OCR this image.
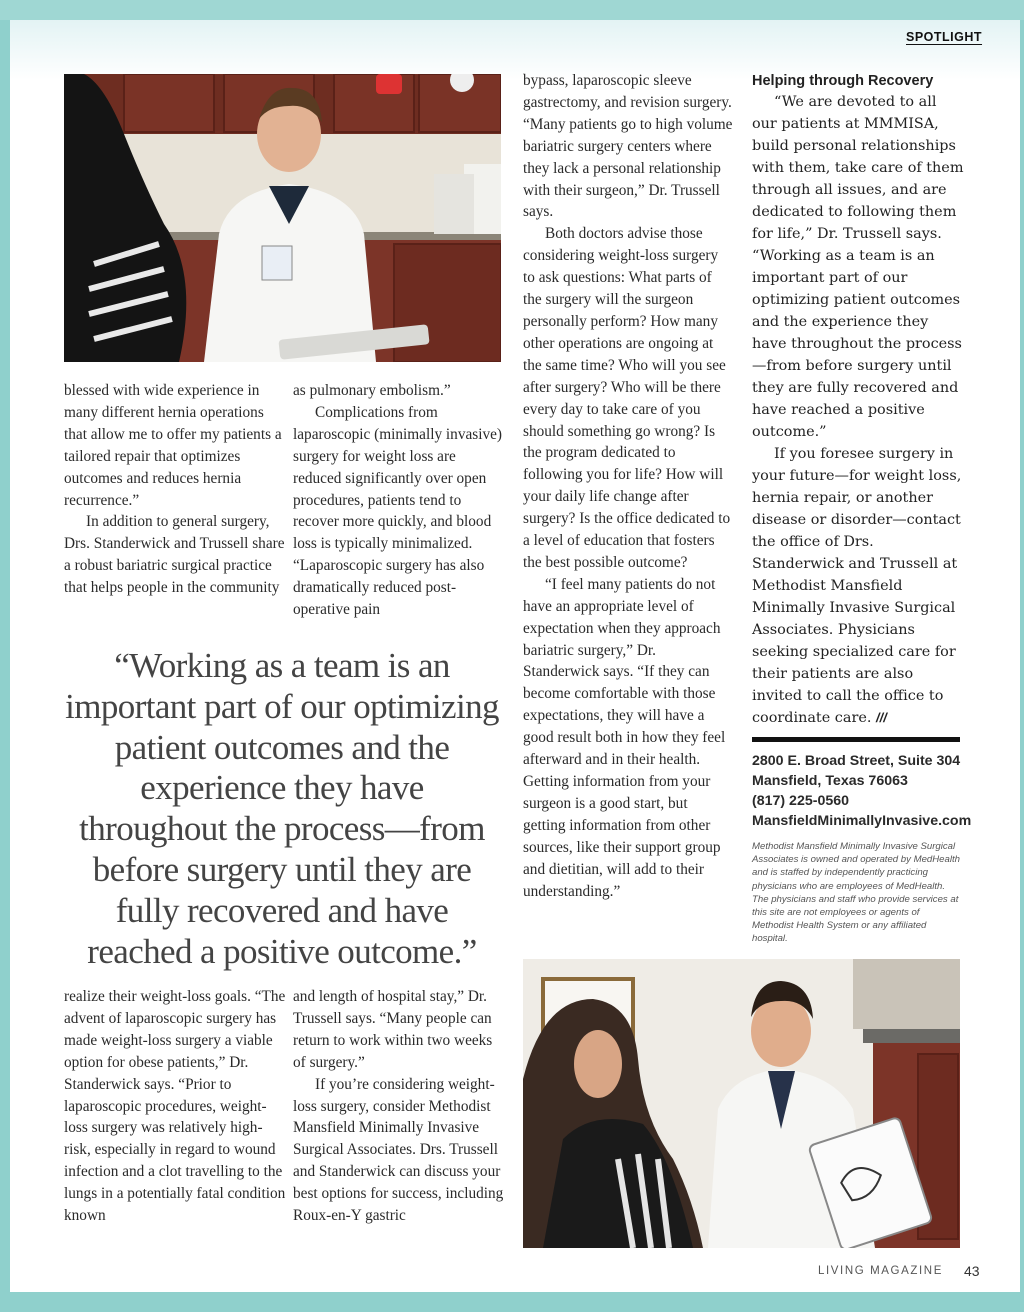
SPOTLIGHT

blessed with wide experience in many different hernia operations that allow me to offer my patients a tailored repair that optimizes outcomes and reduces hernia recurrence.”

In addition to general surgery, Drs. Standerwick and Trussell share a robust bariatric surgical practice that helps people in the community

as pulmonary embolism.”

Complications from laparoscopic (minimally invasive) surgery for weight loss are reduced significantly over open procedures, patients tend to recover more quickly, and blood loss is typically minimalized. “Laparoscopic surgery has also dramatically reduced post-operative pain

“Working as a team is an important part of our optimizing patient outcomes and the experience they have throughout the process—from before surgery until they are fully recovered and have reached a positive outcome.”

realize their weight-loss goals. “The advent of laparoscopic surgery has made weight-loss surgery a viable option for obese patients,” Dr. Standerwick says. “Prior to laparoscopic procedures, weight-loss surgery was relatively high-risk, especially in regard to wound infection and a clot travelling to the lungs in a potentially fatal condition known

and length of hospital stay,” Dr. Trussell says. “Many people can return to work within two weeks of surgery.”

If you’re considering weight-loss surgery, consider Methodist Mansfield Minimally Invasive Surgical Associates. Drs. Trussell and Standerwick can discuss your best options for success, including Roux-en-Y gastric

bypass, laparoscopic sleeve gastrectomy, and revision surgery. “Many patients go to high volume bariatric surgery centers where they lack a personal relationship with their surgeon,” Dr. Trussell says.

Both doctors advise those considering weight-loss surgery to ask questions: What parts of the surgery will the surgeon personally perform? How many other operations are ongoing at the same time? Who will you see after surgery? Who will be there every day to take care of you should something go wrong? Is the program dedicated to following you for life? How will your daily life change after surgery? Is the office dedicated to a level of education that fosters the best possible outcome?

“I feel many patients do not have an appropriate level of expectation when they approach bariatric surgery,” Dr. Standerwick says. “If they can become comfortable with those expectations, they will have a good result both in how they feel afterward and in their health. Getting information from your surgeon is a good start, but getting information from other sources, like their support group and dietitian, will add to their understanding.”

Helping through Recovery

“We are devoted to all our patients at MMMISA, build personal relationships with them, take care of them through all issues, and are dedicated to following them for life,” Dr. Trussell says. “Working as a team is an important part of our optimizing patient outcomes and the experience they have throughout the process—from before surgery until they are fully recovered and have reached a positive outcome.”

If you foresee surgery in your future—for weight loss, hernia repair, or another disease or disorder—contact the office of Drs. Standerwick and Trussell at Methodist Mansfield Minimally Invasive Surgical Associates. Physicians seeking specialized care for their patients are also invited to call the office to coordinate care. ///

2800 E. Broad Street, Suite 304
Mansfield, Texas 76063
(817) 225-0560
MansfieldMinimallyInvasive.com
Methodist Mansfield Minimally Invasive Surgical Associates is owned and operated by MedHealth and is staffed by independently practicing physicians who are employees of MedHealth. The physicians and staff who provide services at this site are not employees or agents of Methodist Health System or any affiliated hospital.
LIVING MAGAZINE 43
